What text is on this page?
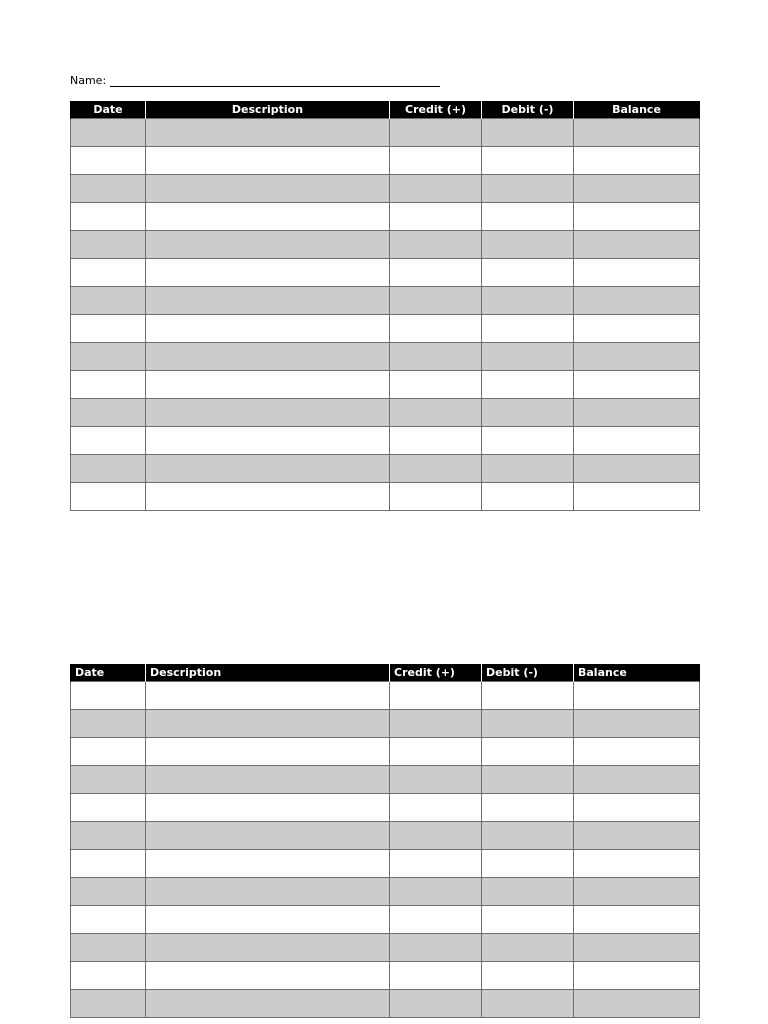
Name:
Date	Description	Credit (+)	Debit (-)	Balance

Date	Description	Credit (+)	Debit (-)	Balance
